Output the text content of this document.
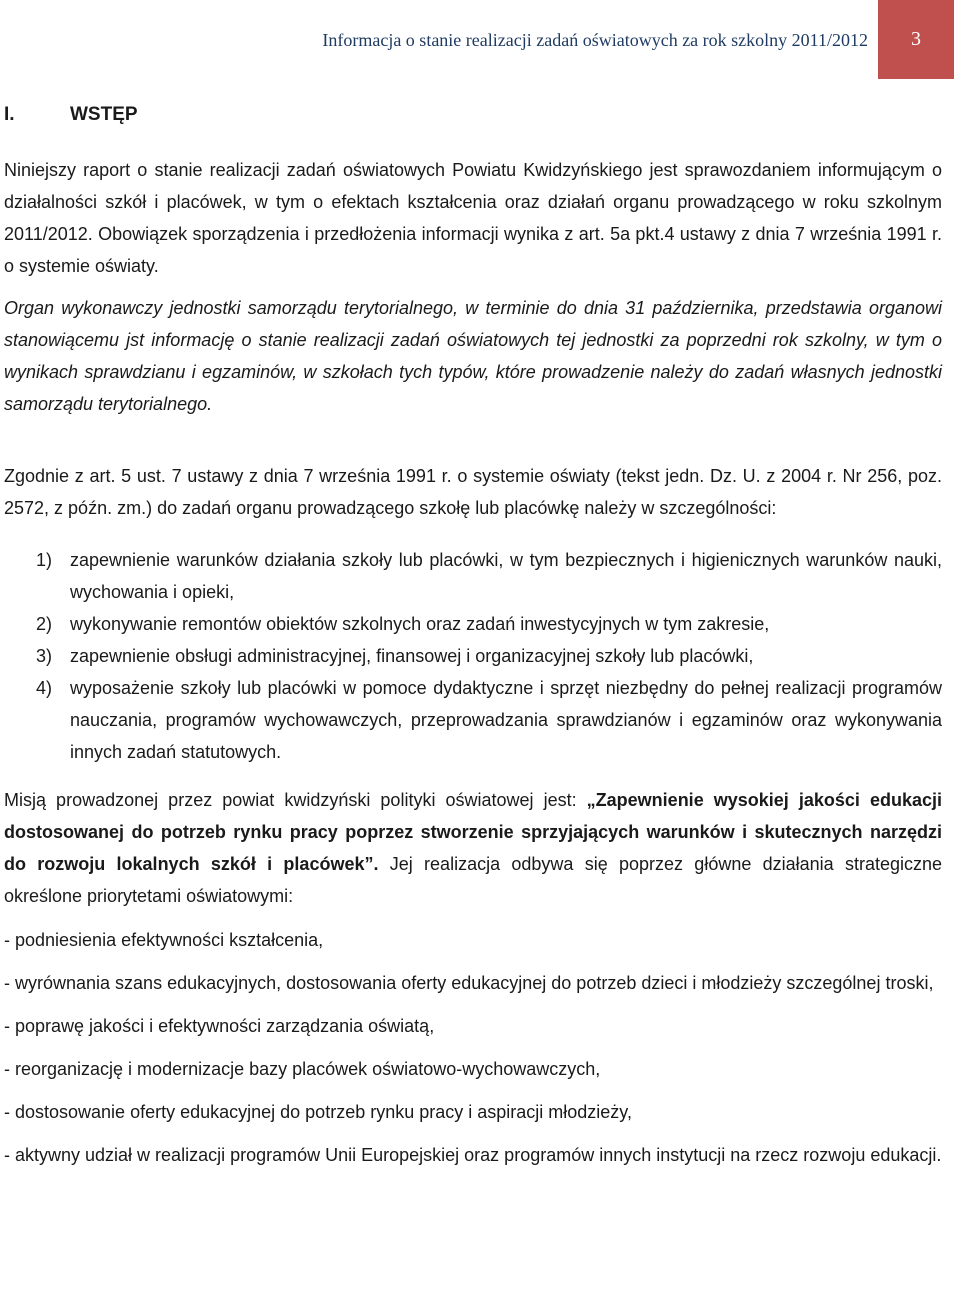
Informacja o stanie realizacji zadań oświatowych za rok szkolny 2011/2012	3
I.	WSTĘP

Niniejszy raport o stanie realizacji zadań oświatowych Powiatu Kwidzyńskiego jest sprawozdaniem informującym o działalności szkół i placówek, w tym o efektach kształcenia oraz działań organu prowadzącego w roku szkolnym 2011/2012. Obowiązek sporządzenia i przedłożenia informacji wynika z art. 5a pkt.4 ustawy z dnia 7 września 1991 r. o systemie oświaty.

Organ wykonawczy jednostki samorządu terytorialnego, w terminie do dnia 31 października, przedstawia organowi stanowiącemu jst informację o stanie realizacji zadań oświatowych tej jednostki za poprzedni rok szkolny, w tym o wynikach sprawdzianu i egzaminów, w szkołach tych typów, które prowadzenie należy do zadań własnych jednostki samorządu terytorialnego.

Zgodnie z art. 5 ust. 7 ustawy z dnia 7 września 1991 r. o systemie oświaty (tekst jedn. Dz. U. z 2004 r. Nr 256, poz. 2572, z późn. zm.) do zadań organu prowadzącego szkołę lub placówkę należy w szczególności:

1) zapewnienie warunków działania szkoły lub placówki, w tym bezpiecznych i higienicznych warunków nauki, wychowania i opieki,
2) wykonywanie remontów obiektów szkolnych oraz zadań inwestycyjnych w tym zakresie,
3) zapewnienie obsługi administracyjnej, finansowej i organizacyjnej szkoły lub placówki,
4) wyposażenie szkoły lub placówki w pomoce dydaktyczne i sprzęt niezbędny do pełnej realizacji programów nauczania, programów wychowawczych, przeprowadzania sprawdzianów i egzaminów oraz wykonywania innych zadań statutowych.

Misją prowadzonej przez powiat kwidzyński polityki oświatowej jest: „Zapewnienie wysokiej jakości edukacji dostosowanej do potrzeb rynku pracy poprzez stworzenie sprzyjających warunków i skutecznych narzędzi do rozwoju lokalnych szkół i placówek”. Jej realizacja odbywa się poprzez główne działania strategiczne określone priorytetami oświatowymi:

- podniesienia efektywności kształcenia,
- wyrównania szans edukacyjnych, dostosowania oferty edukacyjnej do potrzeb dzieci i młodzieży szczególnej troski,
- poprawę jakości i efektywności zarządzania oświatą,
- reorganizację i modernizacje bazy placówek oświatowo-wychowawczych,
- dostosowanie oferty edukacyjnej do potrzeb rynku pracy i aspiracji młodzieży,
- aktywny udział w realizacji programów Unii Europejskiej oraz programów innych instytucji na rzecz rozwoju edukacji.
